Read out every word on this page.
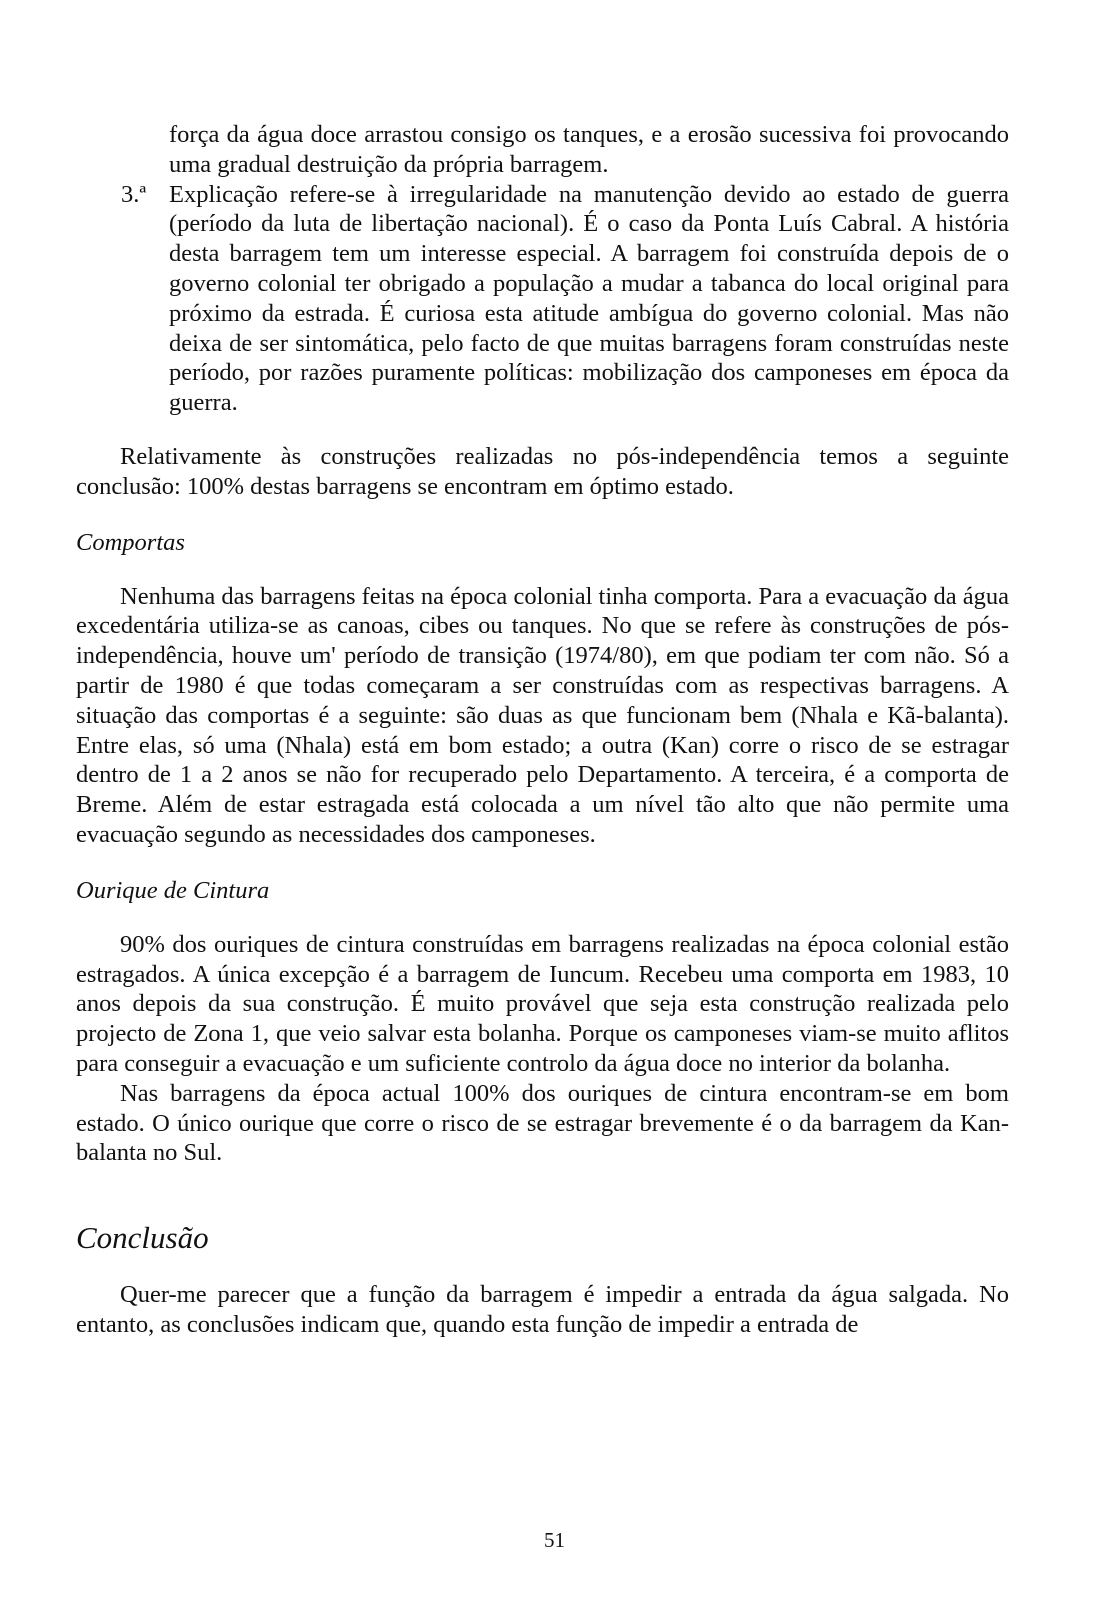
força da água doce arrastou consigo os tanques, e a erosão sucessiva foi provocando uma gradual destruição da própria barragem.

3.ª Explicação refere-se à irregularidade na manutenção devido ao estado de guerra (período da luta de libertação nacional). É o caso da Ponta Luís Cabral. A história desta barragem tem um interesse especial. A barragem foi construída depois de o governo colonial ter obrigado a população a mudar a tabanca do local original para próximo da estrada. É curiosa esta atitude ambígua do governo colonial. Mas não deixa de ser sintomática, pelo facto de que muitas barragens foram construídas neste período, por razões puramente políticas: mobilização dos camponeses em época da guerra.

Relativamente às construções realizadas no pós-independência temos a seguinte conclusão: 100% destas barragens se encontram em óptimo estado.

Comportas

Nenhuma das barragens feitas na época colonial tinha comporta. Para a evacuação da água excedentária utiliza-se as canoas, cibes ou tanques. No que se refere às construções de pós-independência, houve um' período de transição (1974/80), em que podiam ter com não. Só a partir de 1980 é que todas começaram a ser construídas com as respectivas barragens. A situação das comportas é a seguinte: são duas as que funcionam bem (Nhala e Kã-balanta). Entre elas, só uma (Nhala) está em bom estado; a outra (Kan) corre o risco de se estragar dentro de 1 a 2 anos se não for recuperado pelo Departamento. A terceira, é a comporta de Breme. Além de estar estragada está colocada a um nível tão alto que não permite uma evacuação segundo as necessidades dos camponeses.

Ourique de Cintura

90% dos ouriques de cintura construídas em barragens realizadas na época colonial estão estragados. A única excepção é a barragem de Iuncum. Recebeu uma comporta em 1983, 10 anos depois da sua construção. É muito provável que seja esta construção realizada pelo projecto de Zona 1, que veio salvar esta bolanha. Porque os camponeses viam-se muito aflitos para conseguir a evacuação e um suficiente controlo da água doce no interior da bolanha.

Nas barragens da época actual 100% dos ouriques de cintura encontram-se em bom estado. O único ourique que corre o risco de se estragar brevemente é o da barragem da Kan-balanta no Sul.

Conclusão

Quer-me parecer que a função da barragem é impedir a entrada da água salgada. No entanto, as conclusões indicam que, quando esta função de impedir a entrada de

51
